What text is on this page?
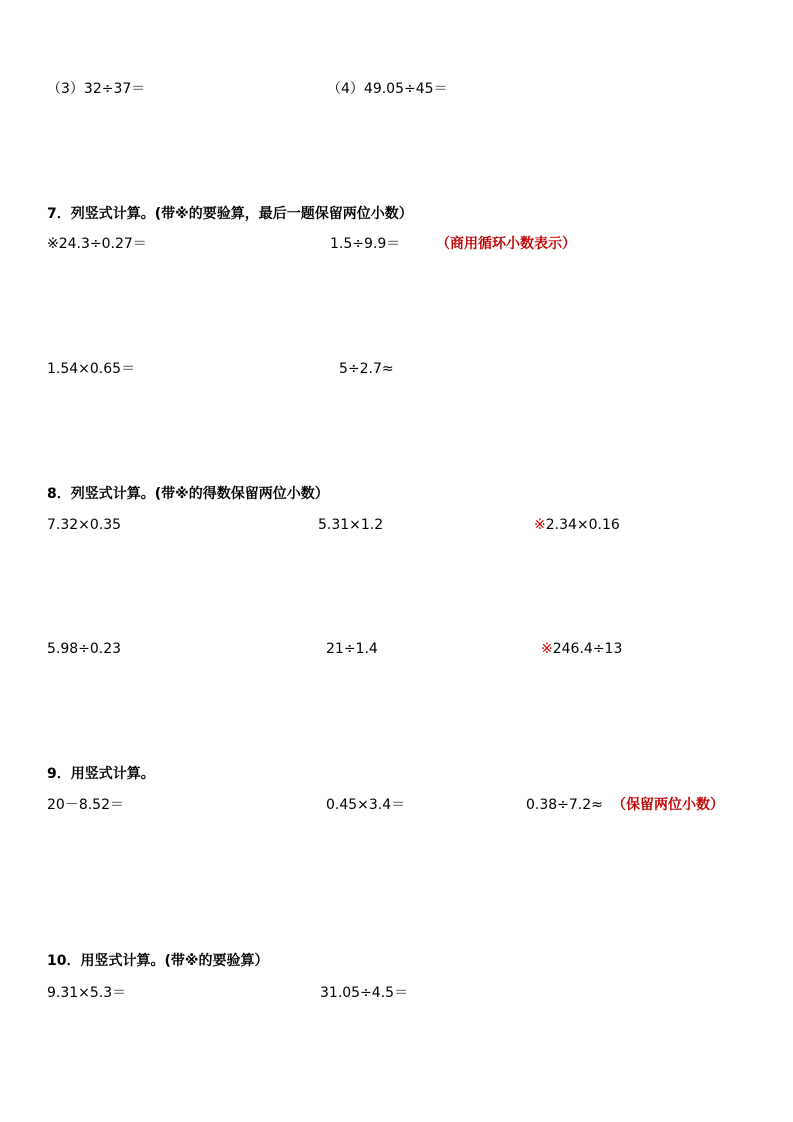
（3）32÷37＝	（4）49.05÷45＝
7．列竖式计算。(带※的要验算，最后一题保留两位小数）
※24.3÷0.27＝	1.5÷9.9＝	（商用循环小数表示）
1.54×0.65＝	5÷2.7≈
8．列竖式计算。(带※的得数保留两位小数）
7.32×0.35	5.31×1.2	※2.34×0.16
5.98÷0.23	21÷1.4	※246.4÷13
9．用竖式计算。
20－8.52＝	0.45×3.4＝	0.38÷7.2≈ （保留两位小数）
10．用竖式计算。(带※的要验算）
9.31×5.3＝	31.05÷4.5＝
